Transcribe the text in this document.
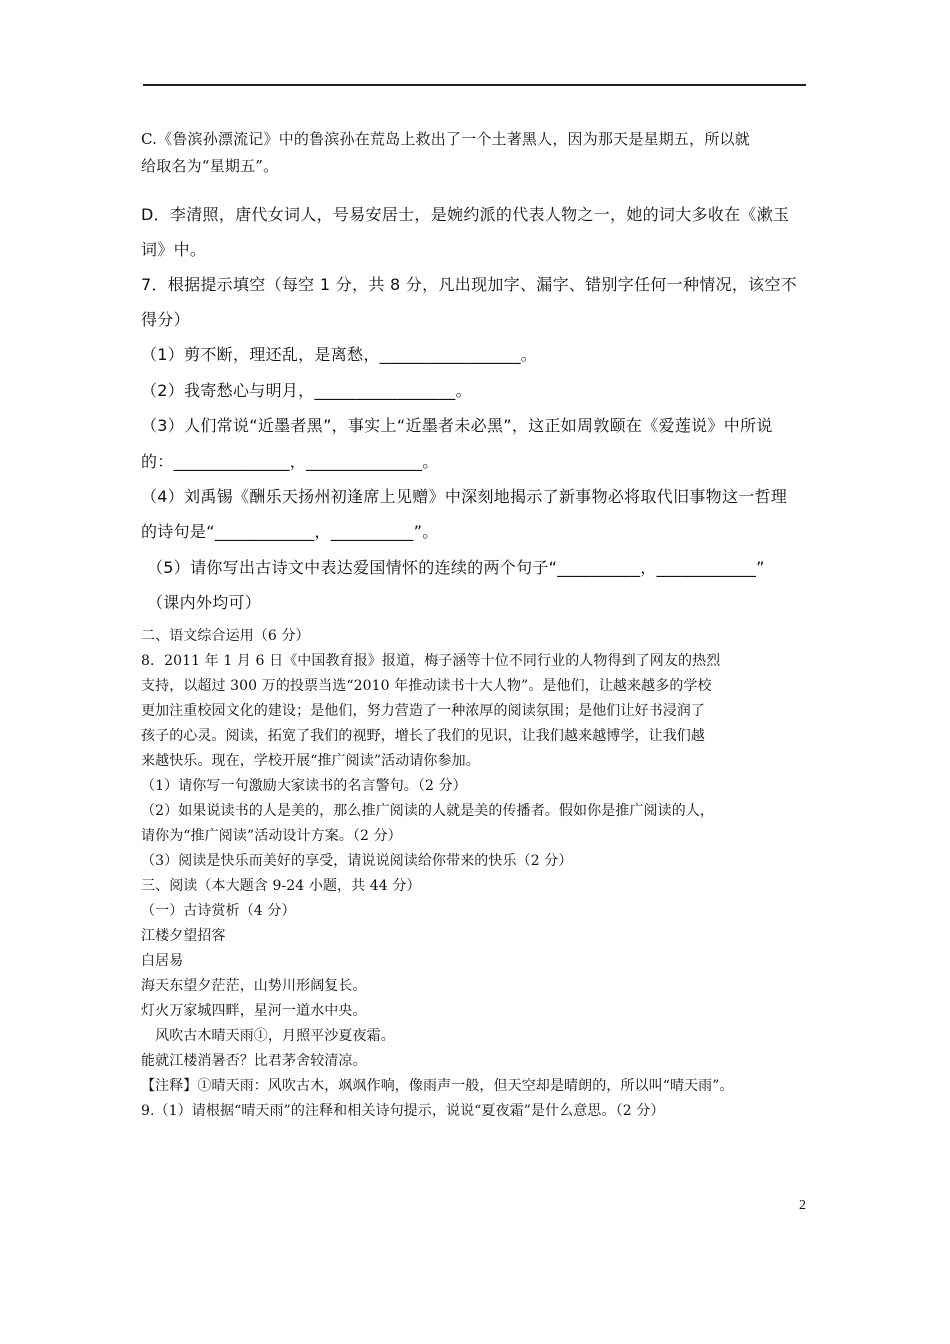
C.《鲁滨孙漂流记》中的鲁滨孙在荒岛上救出了一个土著黑人，因为那天是星期五，所以就
给取名为“星期五”。
D．李清照，唐代女词人，号易安居士，是婉约派的代表人物之一，她的词大多收在《漱玉
词》中。
7．根据提示填空（每空 1 分，共 8 分，凡出现加字、漏字、错别字任何一种情况，该空不
得分）
（1）剪不断，理还乱，是离愁，_________________。
（2）我寄愁心与明月，_________________。
（3）人们常说“近墨者黑”，事实上“近墨者未必黑”，这正如周敦颐在《爱莲说》中所说
的：______________，______________。
（4）刘禹锡《酬乐天扬州初逢席上见赠》中深刻地揭示了新事物必将取代旧事物这一哲理
的诗句是“____________，__________”。
（5）请你写出古诗文中表达爱国情怀的连续的两个句子“__________，____________”
（课内外均可）
二、语文综合运用（6 分）
8．2011 年 1 月 6 日《中国教育报》报道，梅子涵等十位不同行业的人物得到了网友的热烈
支持，以超过 300 万的投票当选“2010 年推动读书十大人物”。是他们，让越来越多的学校
更加注重校园文化的建设；是他们，努力营造了一种浓厚的阅读氛围；是他们让好书浸润了
孩子的心灵。阅读，拓宽了我们的视野，增长了我们的见识，让我们越来越博学，让我们越
来越快乐。现在，学校开展“推广阅读”活动请你参加。
（1）请你写一句激励大家读书的名言警句。（2 分）
（2）如果说读书的人是美的，那么推广阅读的人就是美的传播者。假如你是推广阅读的人，
请你为“推广阅读”活动设计方案。（2 分）
（3）阅读是快乐而美好的享受，请说说阅读给你带来的快乐（2 分）
三、阅读（本大题含 9-24 小题，共 44 分）
（一）古诗赏析（4 分）
江楼夕望招客
白居易
海天东望夕茫茫，山势川形阔复长。
灯火万家城四畔，星河一道水中央。
　风吹古木晴天雨①，月照平沙夏夜霜。
能就江楼消暑否？比君茅舍较清凉。
【注释】①晴天雨：风吹古木，飒飒作响，像雨声一般，但天空却是晴朗的，所以叫“晴天雨”。
9.（1）请根据“晴天雨”的注释和相关诗句提示，说说“夏夜霜”是什么意思。（2 分）
2
